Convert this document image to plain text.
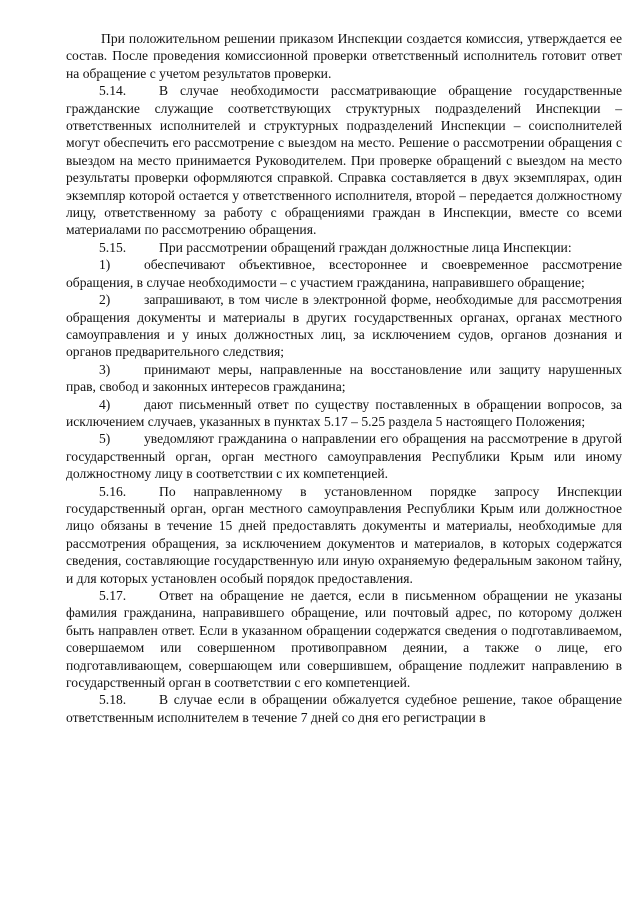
При положительном решении приказом Инспекции создается комиссия, утверждается ее состав. После проведения комиссионной проверки ответственный исполнитель готовит ответ на обращение с учетом результатов проверки.

5.14. В случае необходимости рассматривающие обращение государственные гражданские служащие соответствующих структурных подразделений Инспекции – ответственных исполнителей и структурных подразделений Инспекции – соисполнителей могут обеспечить его рассмотрение с выездом на место. Решение о рассмотрении обращения с выездом на место принимается Руководителем. При проверке обращений с выездом на место результаты проверки оформляются справкой. Справка составляется в двух экземплярах, один экземпляр которой остается у ответственного исполнителя, второй – передается должностному лицу, ответственному за работу с обращениями граждан в Инспекции, вместе со всеми материалами по рассмотрению обращения.

5.15. При рассмотрении обращений граждан должностные лица Инспекции:

1) обеспечивают объективное, всестороннее и своевременное рассмотрение обращения, в случае необходимости – с участием гражданина, направившего обращение;

2) запрашивают, в том числе в электронной форме, необходимые для рассмотрения обращения документы и материалы в других государственных органах, органах местного самоуправления и у иных должностных лиц, за исключением судов, органов дознания и органов предварительного следствия;

3) принимают меры, направленные на восстановление или защиту нарушенных прав, свобод и законных интересов гражданина;

4) дают письменный ответ по существу поставленных в обращении вопросов, за исключением случаев, указанных в пунктах 5.17 – 5.25 раздела 5 настоящего Положения;

5) уведомляют гражданина о направлении его обращения на рассмотрение в другой государственный орган, орган местного самоуправления Республики Крым или иному должностному лицу в соответствии с их компетенцией.

5.16. По направленному в установленном порядке запросу Инспекции государственный орган, орган местного самоуправления Республики Крым или должностное лицо обязаны в течение 15 дней предоставлять документы и материалы, необходимые для рассмотрения обращения, за исключением документов и материалов, в которых содержатся сведения, составляющие государственную или иную охраняемую федеральным законом тайну, и для которых установлен особый порядок предоставления.

5.17. Ответ на обращение не дается, если в письменном обращении не указаны фамилия гражданина, направившего обращение, или почтовый адрес, по которому должен быть направлен ответ. Если в указанном обращении содержатся сведения о подготавливаемом, совершаемом или совершенном противоправном деянии, а также о лице, его подготавливающем, совершающем или совершившем, обращение подлежит направлению в государственный орган в соответствии с его компетенцией.

5.18. В случае если в обращении обжалуется судебное решение, такое обращение ответственным исполнителем в течение 7 дней со дня его регистрации в
